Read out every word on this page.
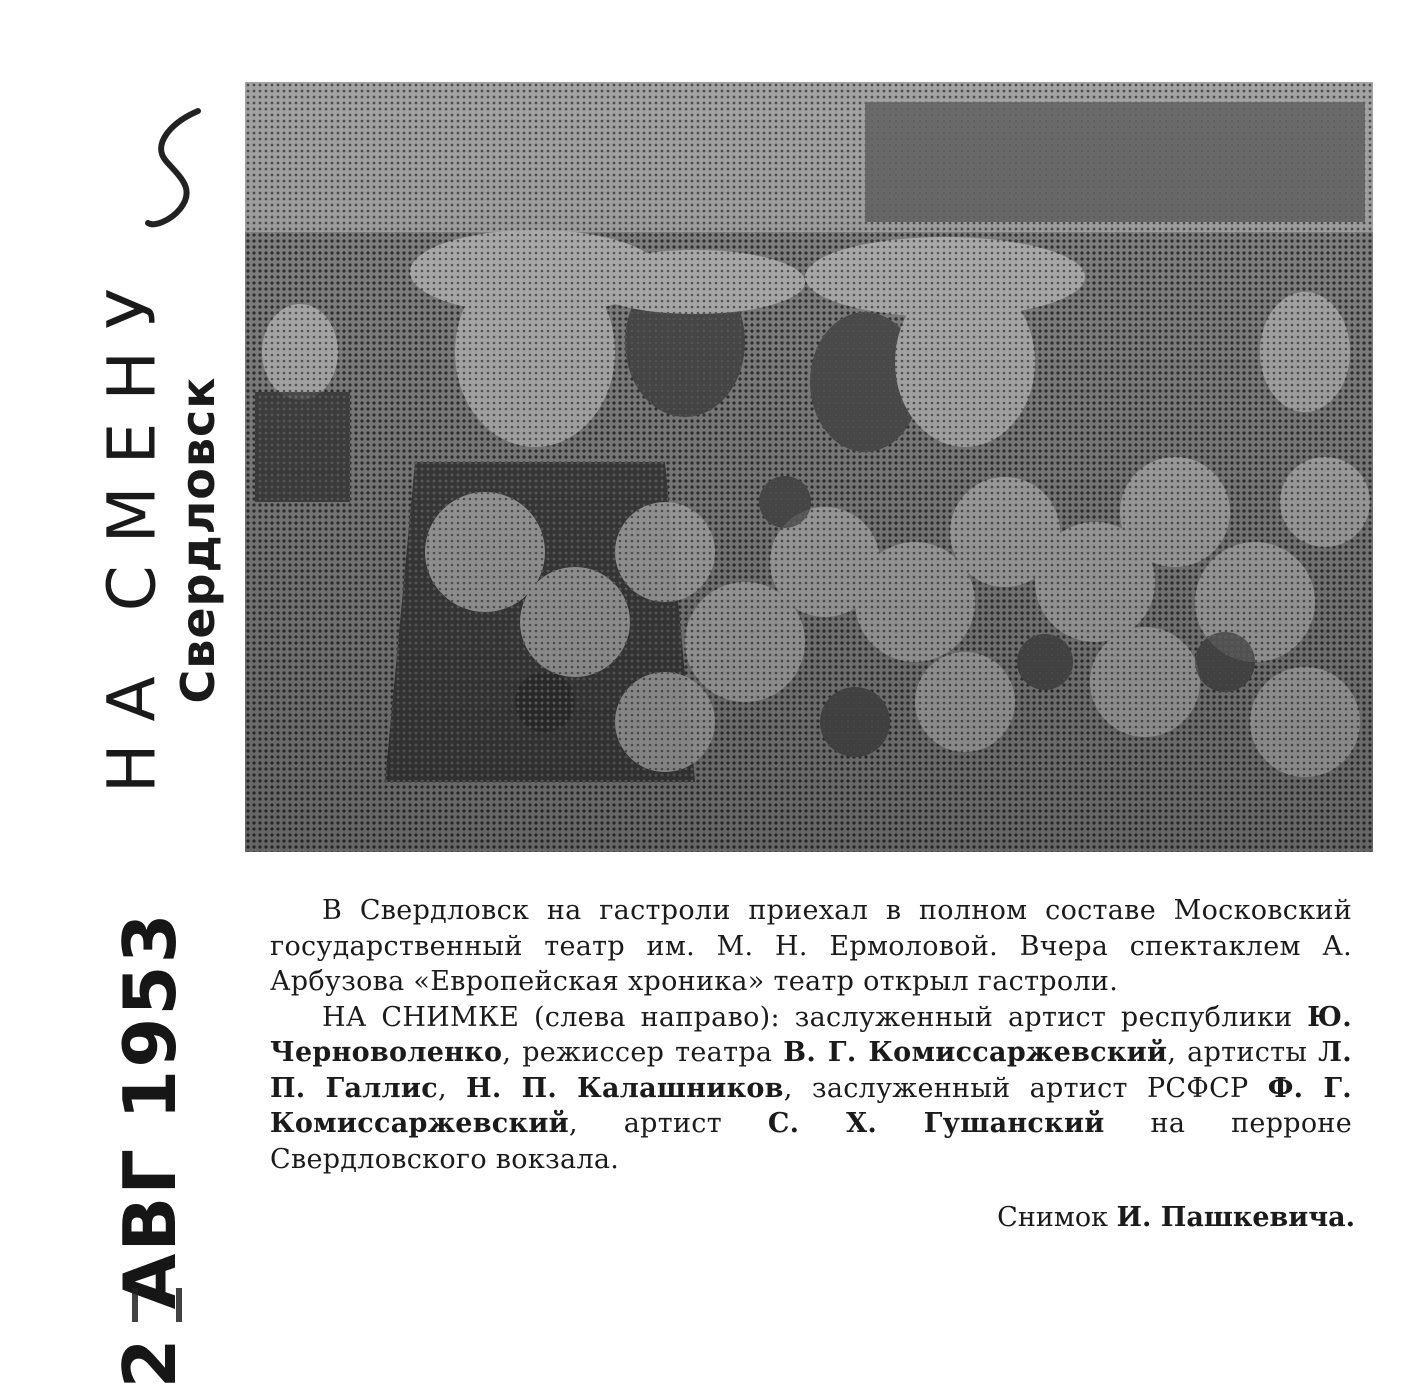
НА СМЕНУ Свердловск
2 АВГ 1953

В Свердловск на гастроли приехал в полном составе Московский государственный театр им. М. Н. Ермоловой. Вчера спектаклем А. Арбузова «Европейская хроника» театр открыл гастроли.

НА СНИМКЕ (слева направо): заслуженный артист республики Ю. Черноволенко, режиссер театра В. Г. Комиссаржевский, артисты Л. П. Галлис, Н. П. Калашников, заслуженный артист РСФСР Ф. Г. Комиссаржевский, артист С. Х. Гушанский на перроне Свердловского вокзала.

Снимок И. Пашкевича.
